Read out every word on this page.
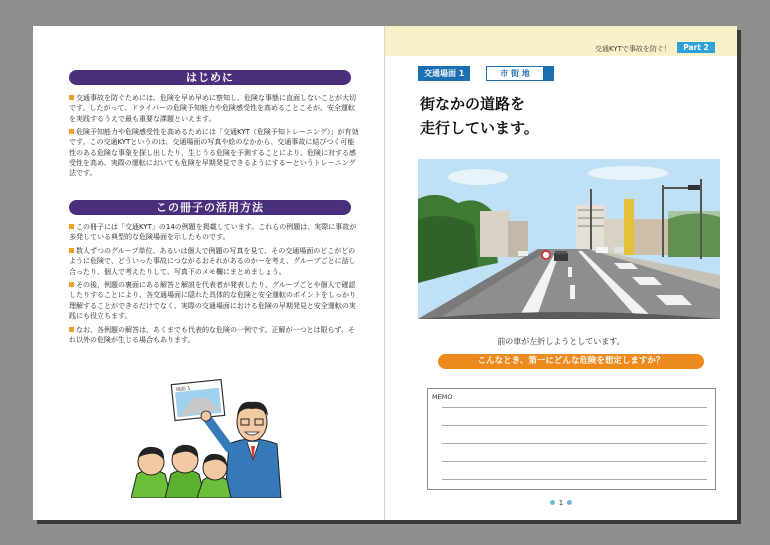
はじめに
交通事故を防ぐためには、危険を早め早めに察知し、危険な事態に直面しないことが大切です。したがって、ドライバーの危険予知能力や危険感受性を高めることこそが、安全運転を実践するうえで最も重要な課題といえます。
危険予知能力や危険感受性を高めるためには「交通KYT（危険予知トレーニング）」が有効です。この交通KYTというのは、交通場面の写真や絵のなかから、交通事故に結びつく可能性のある危険な事象を探し出したり、生じうる危険を予測することにより、危険に対する感受性を高め、実際の運転においても危険を早期発見できるようにするーというトレーニング法です。
この冊子の活用方法
この冊子には「交通KYT」の14の例題を掲載しています。これらの例題は、実際に事故が多発している典型的な危険場面を示したものです。
数人ずつのグループ単位、あるいは個人で例題の写真を見て、その交通場面のどこがどのように危険で、どういった事故につながるおそれがあるのかーを考え、グループごとに話し合ったり、個人で考えたりして、写真下のメモ欄にまとめましょう。
その後、例題の裏面にある解答と解説を代表者が発表したり、グループごとや個人で確認したりすることにより、各交通場面に隠れた具体的な危険と安全運転のポイントをしっかり理解することができるだけでなく、実際の交通場面における危険の早期発見と安全運転の実践にも役立ちます。
なお、各例題の解答は、あくまでも代表的な危険の一例です。正解が一つとは限らず、それ以外の危険が生じる場合もあります。
場面 1
交通KYTで事故を防ぐ！	Part 2
交通場面 1	市 街 地
街なかの道路を
走行しています。
前の車が左折しようとしています。
こんなとき、第一にどんな危険を想定しますか？
MEMO
1
